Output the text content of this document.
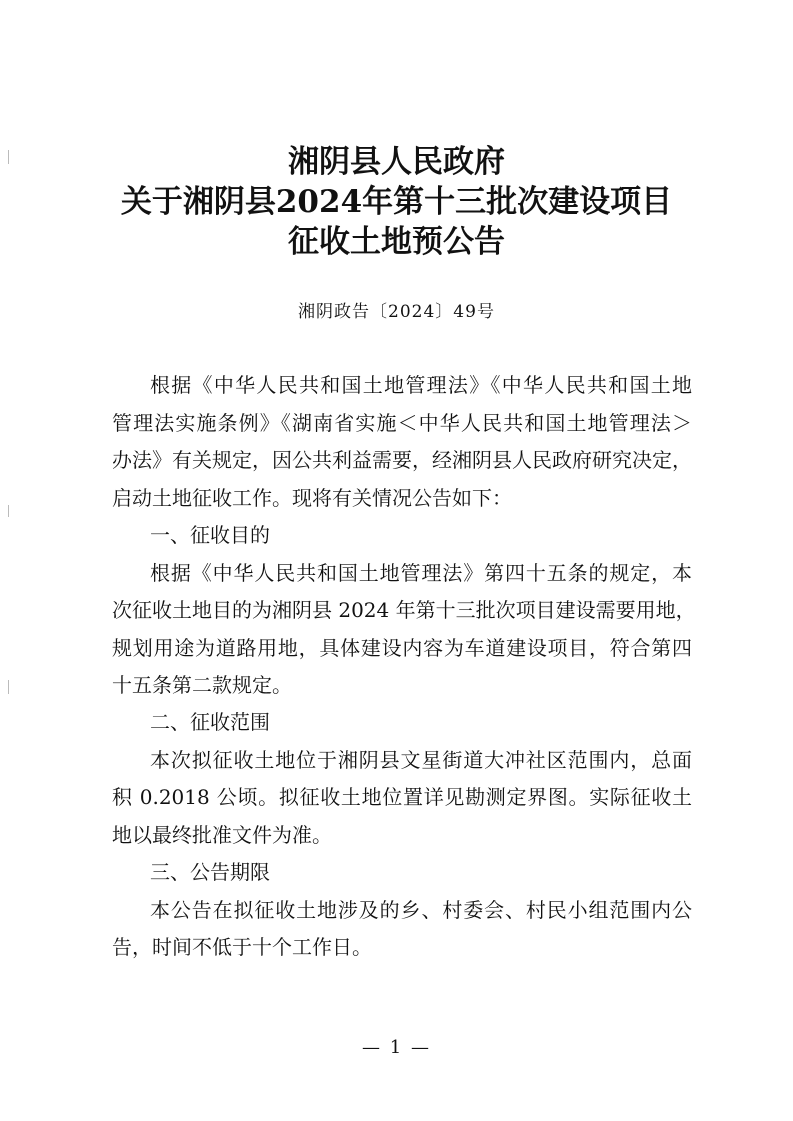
湘阴县人民政府
关于湘阴县2024年第十三批次建设项目
征收土地预公告
湘阴政告〔2024〕49号
根据《中华人民共和国土地管理法》《中华人民共和国土地
管理法实施条例》《湖南省实施＜中华人民共和国土地管理法＞
办法》有关规定，因公共利益需要，经湘阴县人民政府研究决定，
启动土地征收工作。现将有关情况公告如下：
一、征收目的
根据《中华人民共和国土地管理法》第四十五条的规定，本
次征收土地目的为湘阴县 2024 年第十三批次项目建设需要用地，
规划用途为道路用地，具体建设内容为车道建设项目，符合第四
十五条第二款规定。
二、征收范围
本次拟征收土地位于湘阴县文星街道大冲社区范围内，总面
积 0.2018 公顷。拟征收土地位置详见勘测定界图。实际征收土
地以最终批准文件为准。
三、公告期限
本公告在拟征收土地涉及的乡、村委会、村民小组范围内公
告，时间不低于十个工作日。
— 1 —
